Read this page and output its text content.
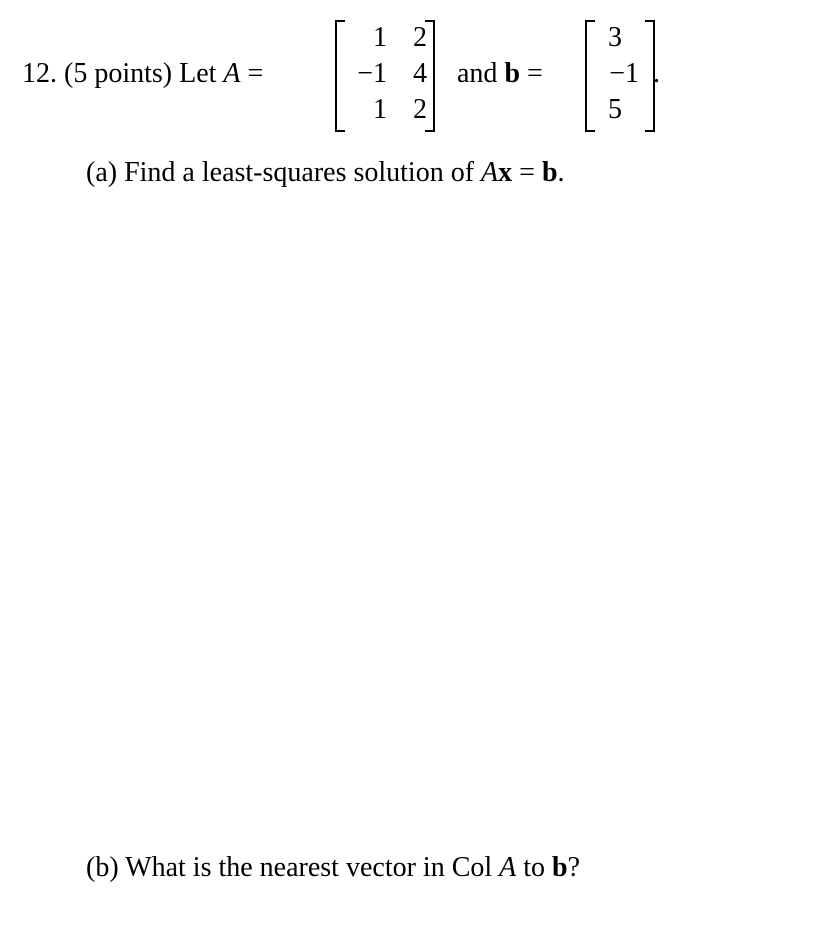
12. (5 points) Let A =
1 2
−1 4
1 2
and b =
3
−1
5
.
(a) Find a least-squares solution of Ax = b.
(b) What is the nearest vector in Col A to b?
